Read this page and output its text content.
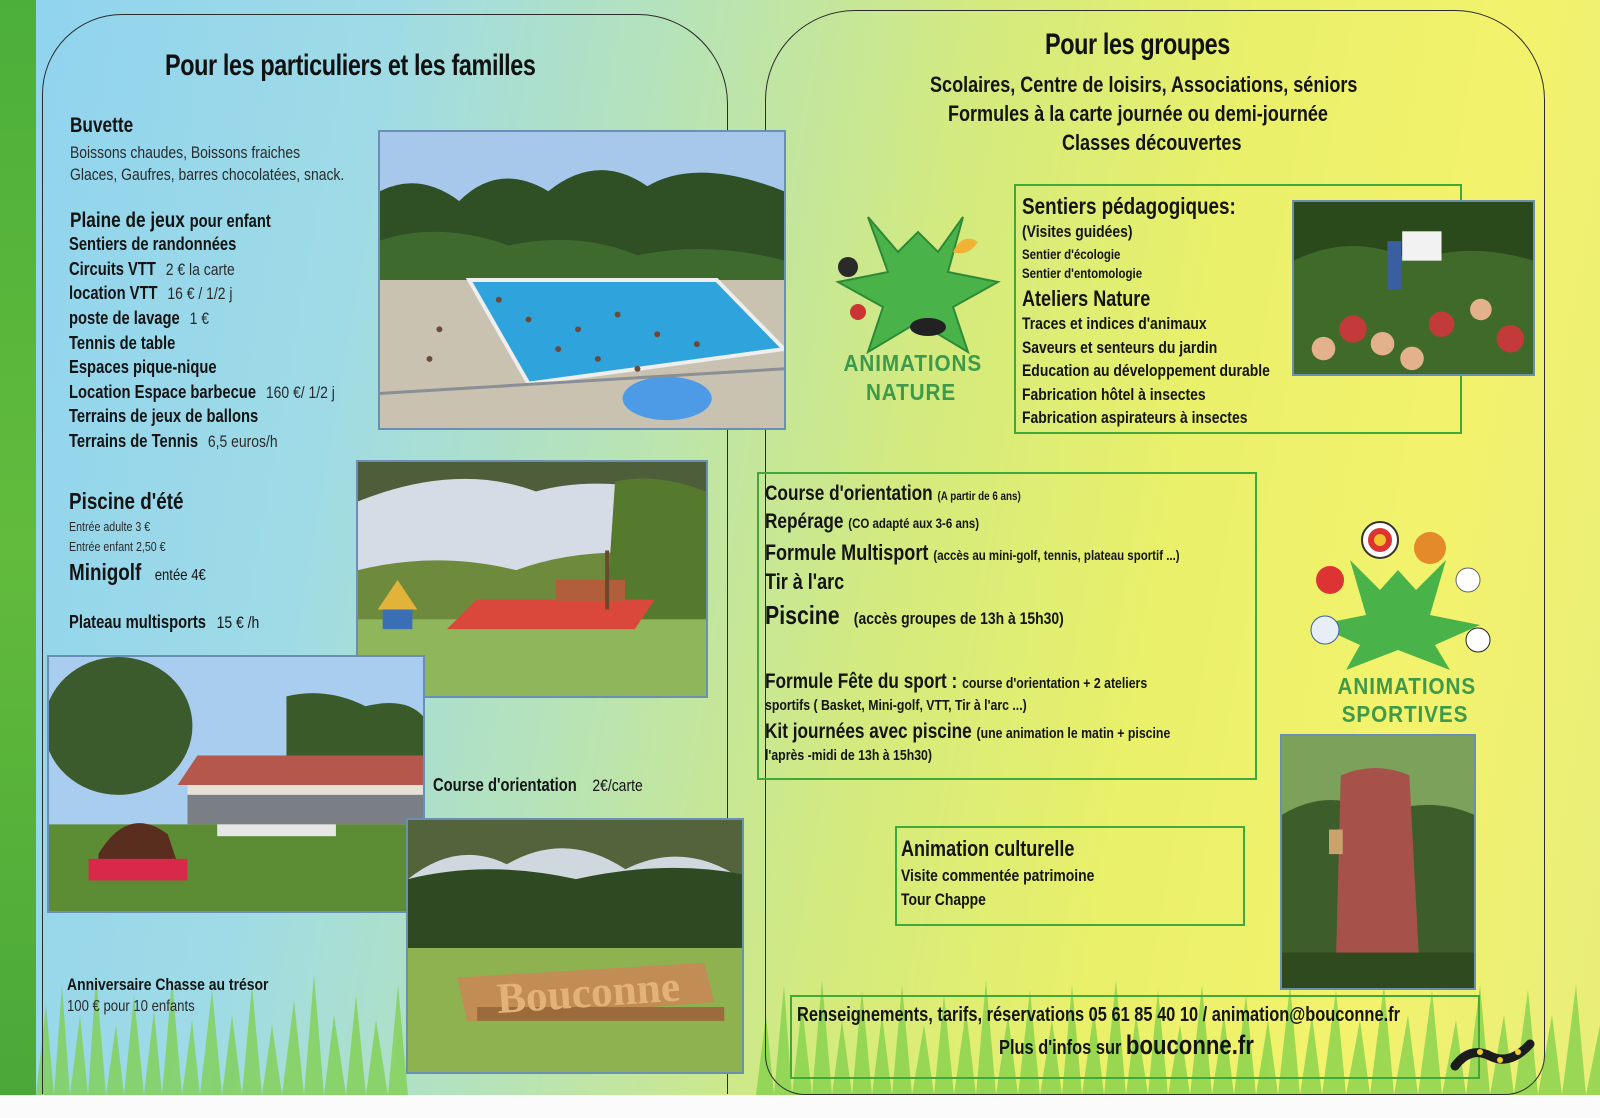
Pour les particuliers et les familles
Buvette
Boissons chaudes, Boissons fraiches
Glaces, Gaufres, barres chocolatées, snack.
Plaine de jeux pour enfant
Sentiers de randonnées
Circuits VTT 2 € la carte
location VTT 16 € / 1/2 j
poste de lavage 1 €
Tennis de table
Espaces pique-nique
Location Espace barbecue 160 €/ 1/2 j
Terrains de jeux de ballons
Terrains de Tennis 6,5 euros/h
Piscine d'été
Entrée adulte 3 €
Entrée enfant 2,50 €
Minigolf entée 4€
Plateau multisports 15 € /h
Course d'orientation 2€/carte
Anniversaire Chasse au trésor
100 € pour 10 enfants	Bouconne
Pour les groupes
Scolaires, Centre de loisirs, Associations, séniors
Formules à la carte journée ou demi-journée
Classes découvertes
ANIMATIONS
NATURE
Sentiers pédagogiques:
(Visites guidées)
Sentier d'écologie
Sentier d'entomologie
Ateliers Nature
Traces et indices d'animaux
Saveurs et senteurs du jardin
Education au développement durable
Fabrication hôtel à insectes
Fabrication aspirateurs à insectes
Course d'orientation (A partir de 6 ans)
Repérage (CO adapté aux 3-6 ans)
Formule Multisport (accès au mini-golf, tennis, plateau sportif ...)
Tir à l'arc
Piscine (accès groupes de 13h à 15h30)
Formule Fête du sport : course d'orientation + 2 ateliers
sportifs ( Basket, Mini-golf, VTT, Tir à l'arc ...)
Kit journées avec piscine (une animation le matin + piscine
l'après -midi de 13h à 15h30)
ANIMATIONS
SPORTIVES
Animation culturelle
Visite commentée patrimoine
Tour Chappe
Renseignements, tarifs, réservations 05 61 85 40 10 / animation@bouconne.fr
Plus d'infos sur bouconne.fr
